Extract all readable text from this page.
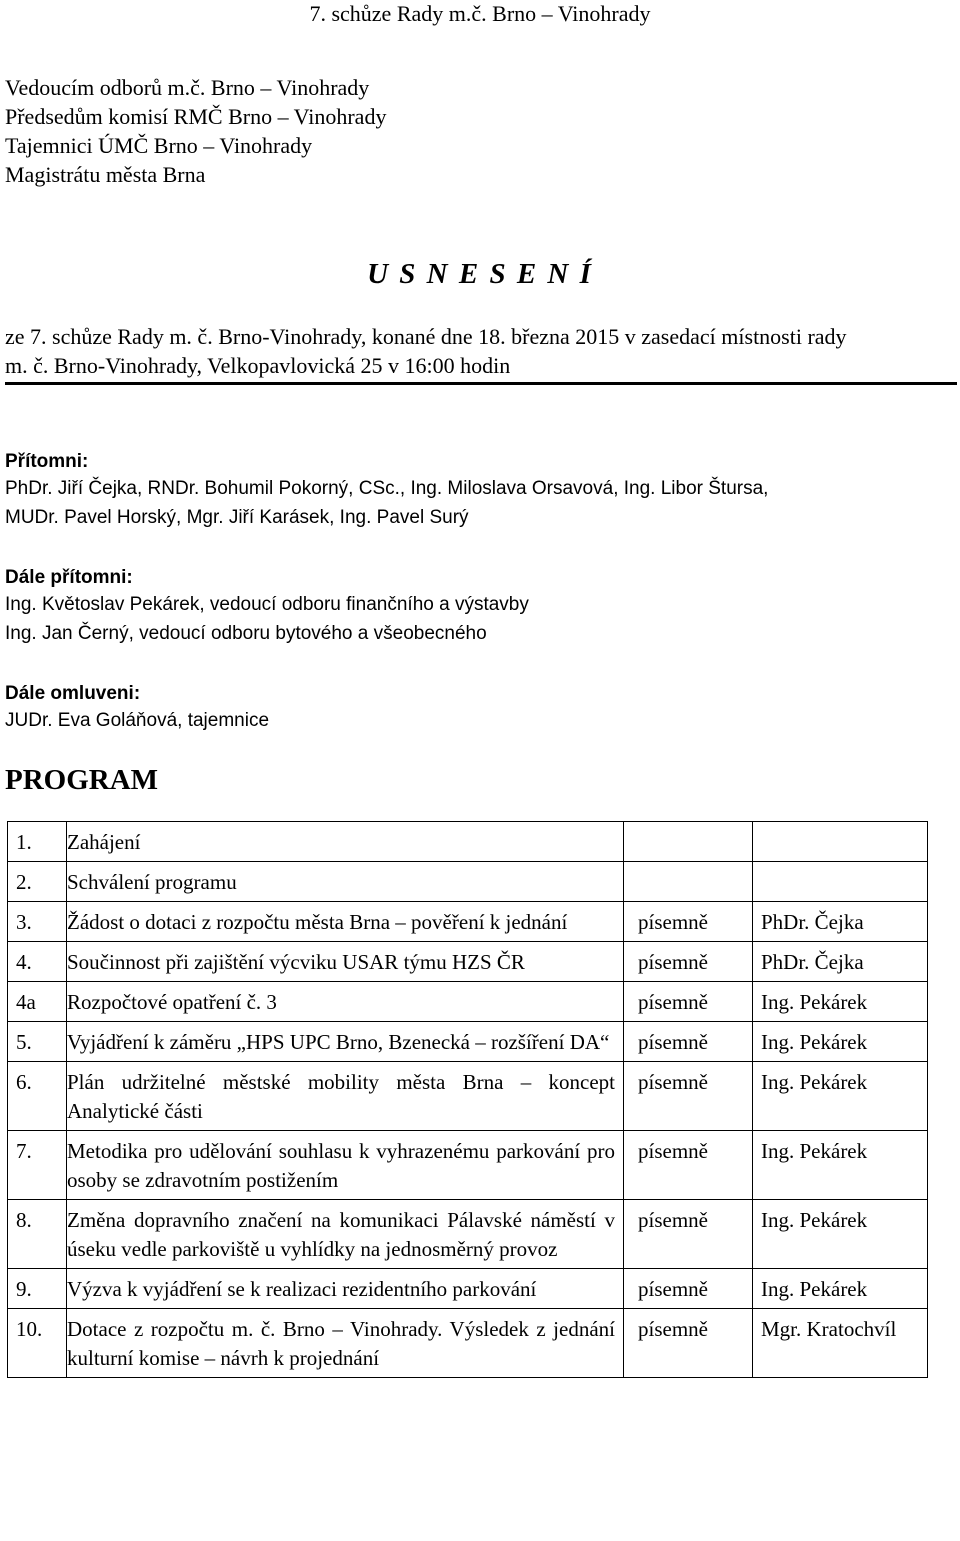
7. schůze Rady m.č. Brno – Vinohrady
Vedoucím odborů m.č. Brno – Vinohrady
Předsedům komisí RMČ Brno – Vinohrady
Tajemnici ÚMČ Brno – Vinohrady
Magistrátu města Brna
U S N E S E N Í
ze 7. schůze Rady m. č. Brno-Vinohrady, konané dne 18. března 2015 v zasedací místnosti rady
m. č. Brno-Vinohrady, Velkopavlovická 25 v 16:00 hodin
Přítomni:
PhDr. Jiří Čejka, RNDr. Bohumil Pokorný, CSc., Ing. Miloslava Orsavová, Ing. Libor Štursa,
MUDr. Pavel Horský, Mgr. Jiří Karásek, Ing. Pavel Surý
Dále přítomni:
Ing. Květoslav Pekárek, vedoucí odboru finančního a výstavby
Ing. Jan Černý, vedoucí odboru bytového a všeobecného
Dále omluveni:
JUDr. Eva Goláňová, tajemnice
PROGRAM
1.	Zahájení		
2.	Schválení programu		
3.	Žádost o dotaci z rozpočtu města Brna – pověření k jednání	písemně	PhDr. Čejka
4.	Součinnost při zajištění výcviku USAR týmu HZS ČR	písemně	PhDr. Čejka
4a	Rozpočtové opatření č. 3	písemně	Ing. Pekárek
5.	Vyjádření k záměru „HPS UPC Brno, Bzenecká – rozšíření DA“	písemně	Ing. Pekárek
6.	Plán udržitelné městské mobility města Brna – koncept Analytické části	písemně	Ing. Pekárek
7.	Metodika pro udělování souhlasu k vyhrazenému parkování pro osoby se zdravotním postižením	písemně	Ing. Pekárek
8.	Změna dopravního značení na komunikaci Pálavské náměstí v úseku vedle parkoviště u vyhlídky na jednosměrný provoz	písemně	Ing. Pekárek
9.	Výzva k vyjádření se k realizaci rezidentního parkování	písemně	Ing. Pekárek
10.	Dotace z rozpočtu m. č. Brno – Vinohrady. Výsledek z jednání kulturní komise – návrh k projednání	písemně	Mgr. Kratochvíl
